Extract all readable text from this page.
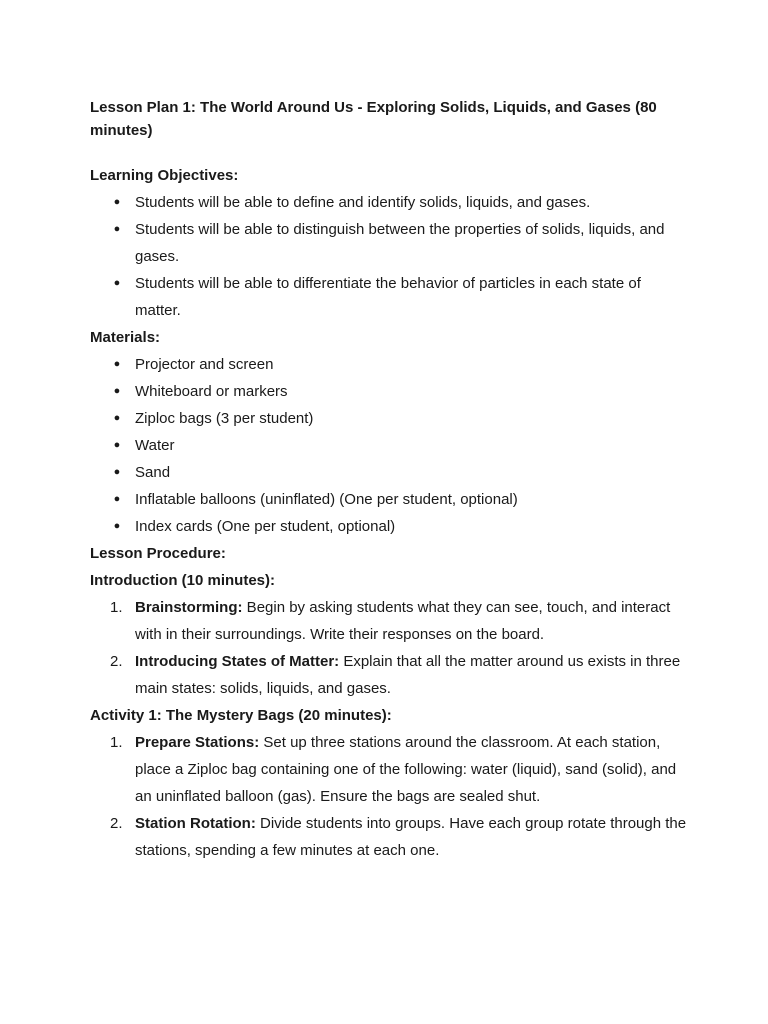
Lesson Plan 1: The World Around Us - Exploring Solids, Liquids, and Gases (80 minutes)

Learning Objectives:

● Students will be able to define and identify solids, liquids, and gases.
● Students will be able to distinguish between the properties of solids, liquids, and gases.
● Students will be able to differentiate the behavior of particles in each state of matter.

Materials:

● Projector and screen
● Whiteboard or markers
● Ziploc bags (3 per student)
● Water
● Sand
● Inflatable balloons (uninflated) (One per student, optional)
● Index cards (One per student, optional)

Lesson Procedure:

Introduction (10 minutes):

1. Brainstorming: Begin by asking students what they can see, touch, and interact with in their surroundings. Write their responses on the board.
2. Introducing States of Matter: Explain that all the matter around us exists in three main states: solids, liquids, and gases.

Activity 1: The Mystery Bags (20 minutes):

1. Prepare Stations: Set up three stations around the classroom. At each station, place a Ziploc bag containing one of the following: water (liquid), sand (solid), and an uninflated balloon (gas). Ensure the bags are sealed shut.
2. Station Rotation: Divide students into groups. Have each group rotate through the stations, spending a few minutes at each one.
